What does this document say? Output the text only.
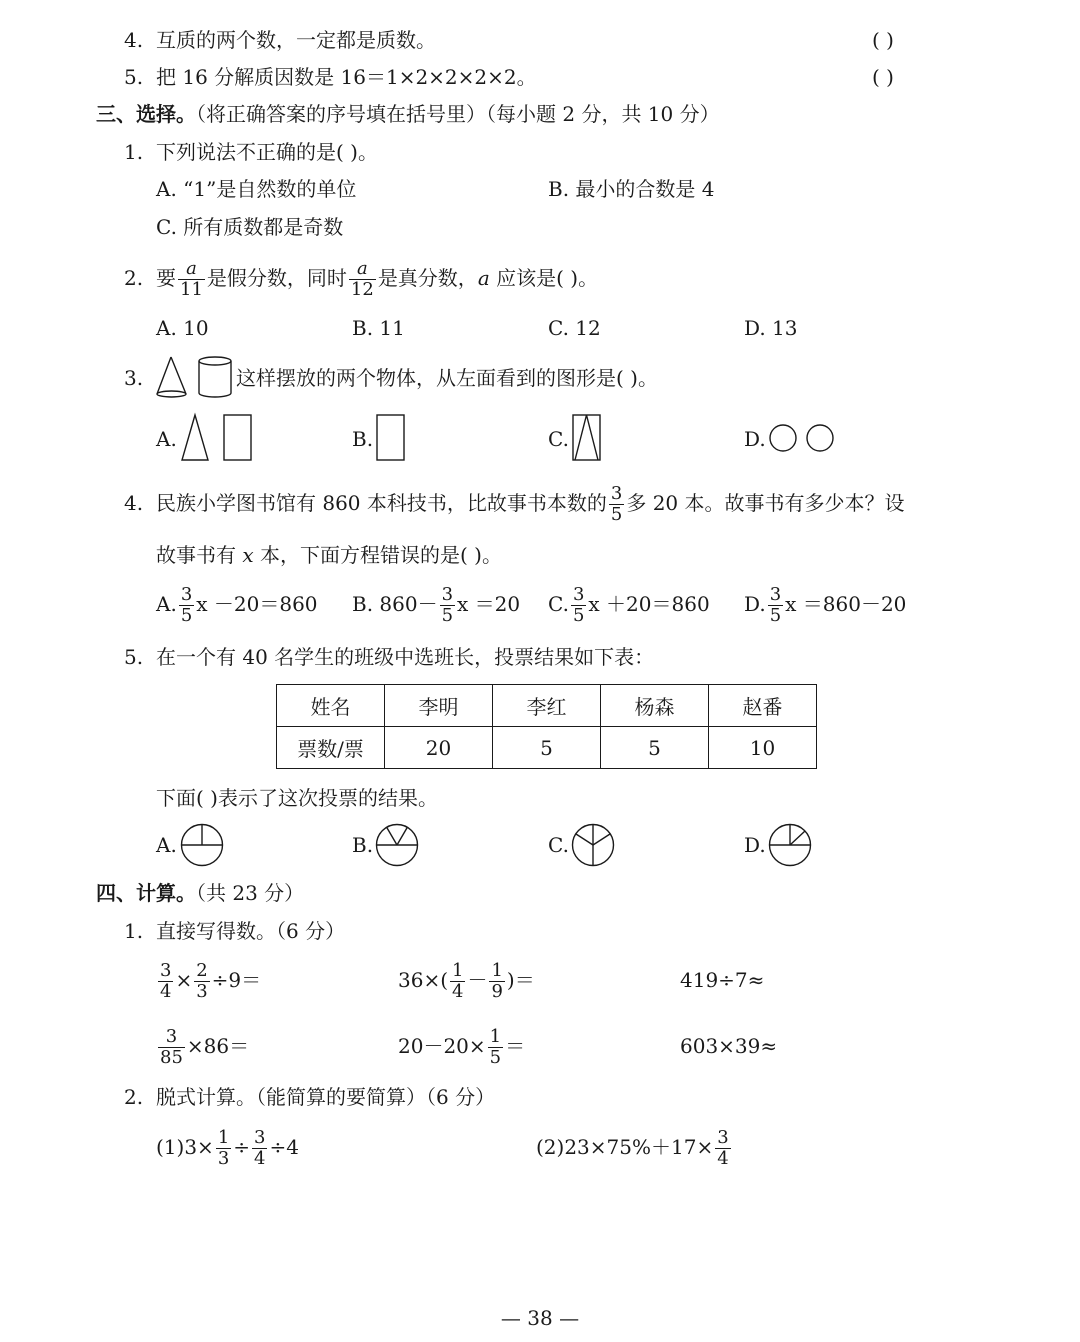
4. 互质的两个数，一定都是质数。	( )
5. 把 16 分解质因数是 16＝1×2×2×2×2。	( )
三、选择。（将正确答案的序号填在括号里）（每小题 2 分，共 10 分）
1. 下列说法不正确的是( )。
A. “1”是自然数的单位	B. 最小的合数是 4
C. 所有质数都是奇数
2. 要 $\frac{a}{11}$ 是假分数，同时 $\frac{a}{12}$ 是真分数，a 应该是( )。
A. 10	B. 11	C. 12	D. 13
3.	这样摆放的两个物体，从左面看到的图形是( )。
A.	B.	C.	D.
4. 民族小学图书馆有 860 本科技书，比故事书本数的 $\frac{3}{5}$ 多 20 本。故事书有多少本？设
故事书有 x 本，下面方程错误的是( )。
A. $\frac{3}{5}$ x －20＝860 B. $860- \frac{3}{5}$ x ＝20 C. $\frac{3}{5}$ x ＋20＝860 D. $\frac{3}{5}$ x ＝860－20
5. 在一个有 40 名学生的班级中选班长，投票结果如下表：
姓名	李明	李红	杨森	赵番
票数/票	20	5	5	10
下面( )表示了这次投票的结果。
A.	B.	C.	D.
四、计算。（共 23 分）
1. 直接写得数。（6 分）
$\frac{3}{4} \times \frac{2}{3} \div 9=$	$36\times( \frac{1}{4} - \frac{1}{9}$ )＝	419÷7≈
$\frac{3}{85} \times 86=$	$20-20\times \frac{1}{5}$ ＝	603×39≈
2. 脱式计算。（能简算的要简算）（6 分）
$(1)3\times \frac{1}{3} \div \frac{3}{4} \div 4$	$(2)23\times 75\%+17\times \frac{3}{4}$
— 38 —
